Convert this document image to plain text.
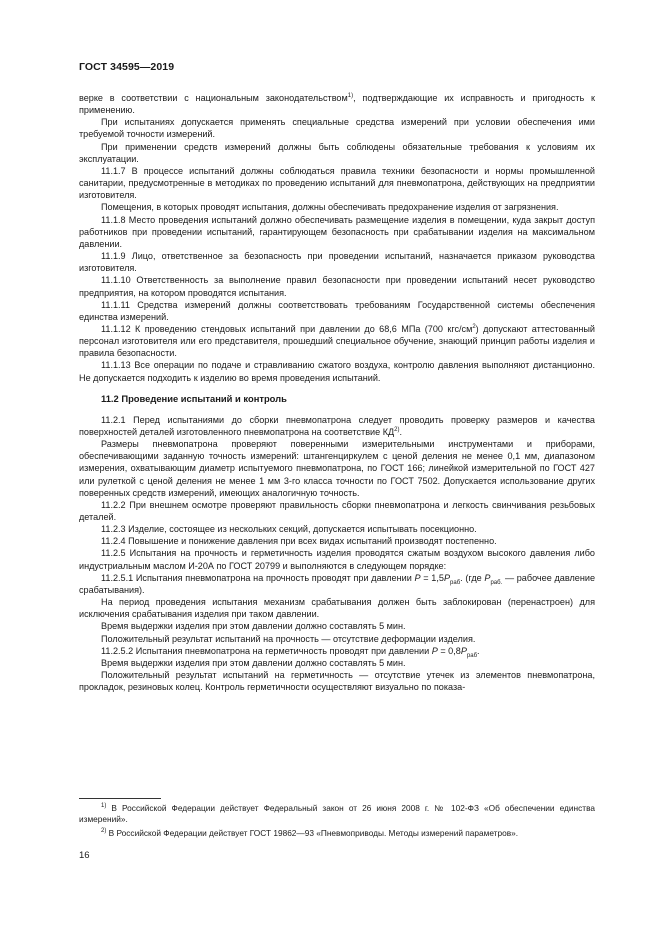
ГОСТ 34595—2019

верке в соответствии с национальным законодательством$^{1)}$, подтверждающие их исправность и пригодность к применению.

При испытаниях допускается применять специальные средства измерений при условии обеспечения ими требуемой точности измерений.

При применении средств измерений должны быть соблюдены обязательные требования к условиям их эксплуатации.

11.1.7 В процессе испытаний должны соблюдаться правила техники безопасности и нормы промышленной санитарии, предусмотренные в методиках по проведению испытаний для пневмопатрона, действующих на предприятии изготовителя.

Помещения, в которых проводят испытания, должны обеспечивать предохранение изделия от загрязнения.

11.1.8 Место проведения испытаний должно обеспечивать размещение изделия в помещении, куда закрыт доступ работников при проведении испытаний, гарантирующем безопасность при срабатывании изделия на максимальном давлении.

11.1.9 Лицо, ответственное за безопасность при проведении испытаний, назначается приказом руководства изготовителя.

11.1.10 Ответственность за выполнение правил безопасности при проведении испытаний несет руководство предприятия, на котором проводятся испытания.

11.1.11 Средства измерений должны соответствовать требованиям Государственной системы обеспечения единства измерений.

11.1.12 К проведению стендовых испытаний при давлении до 68,6 МПа (700 кгс/$см^2$) допускают аттестованный персонал изготовителя или его представителя, прошедший специальное обучение, знающий принцип работы изделия и правила безопасности.

11.1.13 Все операции по подаче и стравливанию сжатого воздуха, контролю давления выполняют дистанционно. Не допускается подходить к изделию во время проведения испытаний.

11.2 Проведение испытаний и контроль

11.2.1 Перед испытаниями до сборки пневмопатрона следует проводить проверку размеров и качества поверхностей деталей изготовленного пневмопатрона на соответствие КД$^{2)}$.

Размеры пневмопатрона проверяют поверенными измерительными инструментами и приборами, обеспечивающими заданную точность измерений: штангенциркулем с ценой деления не менее 0,1 мм, диапазоном измерения, охватывающим диаметр испытуемого пневмопатрона, по ГОСТ 166; линейкой измерительной по ГОСТ 427 или рулеткой с ценой деления не менее 1 мм 3-го класса точности по ГОСТ 7502. Допускается использование других поверенных средств измерений, имеющих аналогичную точность.

11.2.2 При внешнем осмотре проверяют правильность сборки пневмопатрона и легкость свинчивания резьбовых деталей.

11.2.3 Изделие, состоящее из нескольких секций, допускается испытывать посекционно.

11.2.4 Повышение и понижение давления при всех видах испытаний производят постепенно.

11.2.5 Испытания на прочность и герметичность изделия проводятся сжатым воздухом высокого давления либо индустриальным маслом И-20А по ГОСТ 20799 и выполняются в следующем порядке:

11.2.5.1 Испытания пневмопатрона на прочность проводят при давлении $P = 1,5P_{раб}$. (где $P_{раб.}$ — рабочее давление срабатывания).

На период проведения испытания механизм срабатывания должен быть заблокирован (перенастроен) для исключения срабатывания изделия при таком давлении.

Время выдержки изделия при этом давлении должно составлять 5 мин.

Положительный результат испытаний на прочность — отсутствие деформации изделия.

11.2.5.2 Испытания пневмопатрона на герметичность проводят при давлении $P = 0,8P_{раб}$.

Время выдержки изделия при этом давлении должно составлять 5 мин.

Положительный результат испытаний на герметичность — отсутствие утечек из элементов пневмопатрона, прокладок, резиновых колец. Контроль герметичности осуществляют визуально по показа-

$^{1)}$ В Российской Федерации действует Федеральный закон от 26 июня 2008 г. № 102-ФЗ «Об обеспечении единства измерений».

$^{2)}$ В Российской Федерации действует ГОСТ 19862—93 «Пневмоприводы. Методы измерений параметров».

16
